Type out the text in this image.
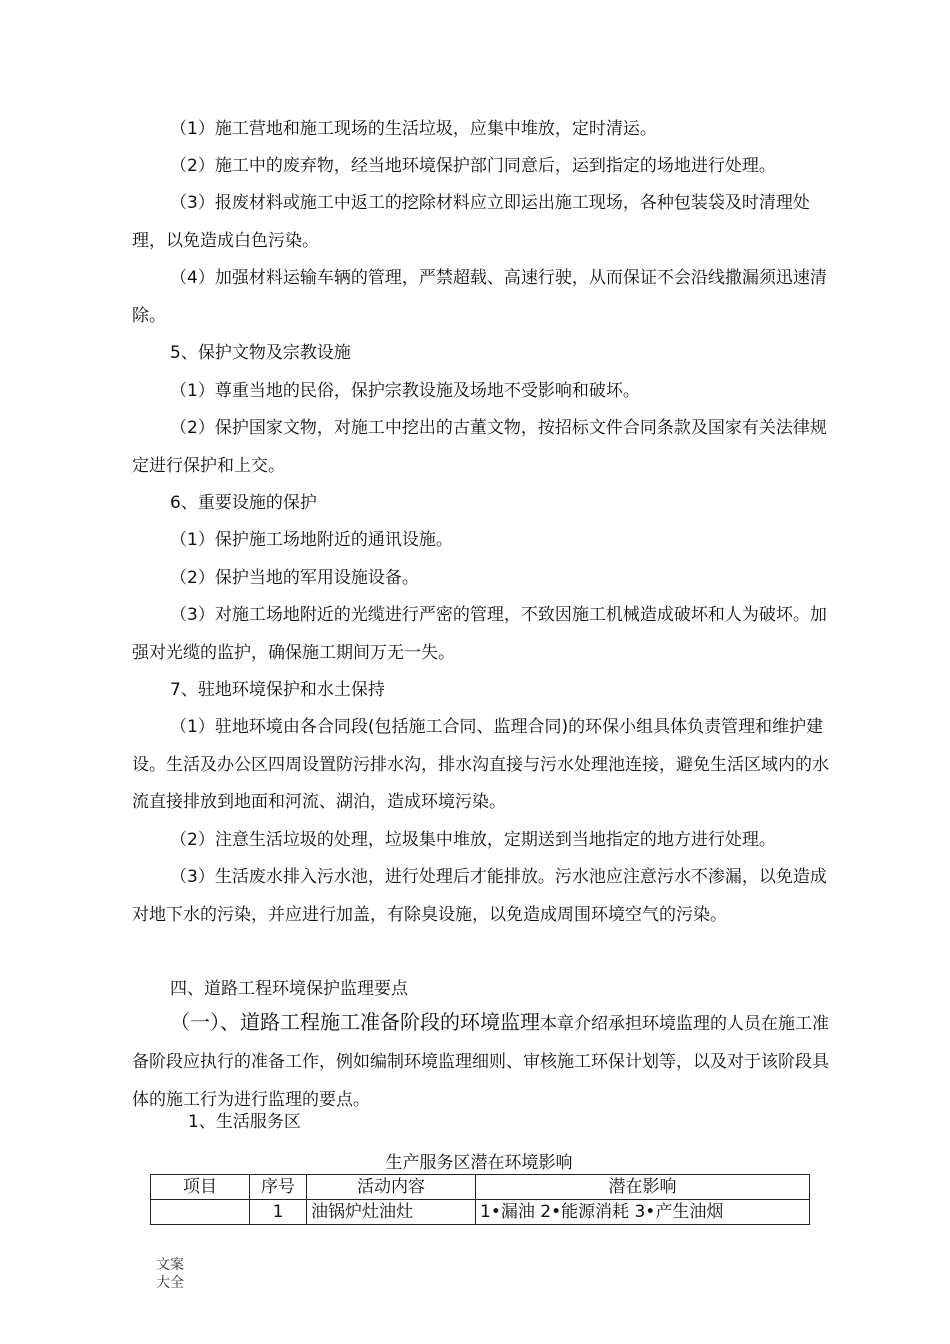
（1）施工营地和施工现场的生活垃圾，应集中堆放，定时清运。

（2）施工中的废弃物，经当地环境保护部门同意后，运到指定的场地进行处理。

（3）报废材料或施工中返工的挖除材料应立即运出施工现场，各种包装袋及时清理处理，以免造成白色污染。

（4）加强材料运输车辆的管理，严禁超载、高速行驶，从而保证不会沿线撒漏须迅速清除。

5、保护文物及宗教设施

（1）尊重当地的民俗，保护宗教设施及场地不受影响和破坏。

（2）保护国家文物，对施工中挖出的古董文物，按招标文件合同条款及国家有关法律规定进行保护和上交。

6、重要设施的保护

（1）保护施工场地附近的通讯设施。

（2）保护当地的军用设施设备。

（3）对施工场地附近的光缆进行严密的管理，不致因施工机械造成破坏和人为破坏。加强对光缆的监护，确保施工期间万无一失。

7、驻地环境保护和水土保持

（1）驻地环境由各合同段(包括施工合同、监理合同)的环保小组具体负责管理和维护建设。生活及办公区四周设置防污排水沟，排水沟直接与污水处理池连接，避免生活区域内的水流直接排放到地面和河流、湖泊，造成环境污染。

（2）注意生活垃圾的处理，垃圾集中堆放，定期送到当地指定的地方进行处理。

（3）生活废水排入污水池，进行处理后才能排放。污水池应注意污水不渗漏，以免造成对地下水的污染，并应进行加盖，有除臭设施，以免造成周围环境空气的污染。

四、道路工程环境保护监理要点

（一）、道路工程施工准备阶段的环境监理本章介绍承担环境监理的人员在施工准备阶段应执行的准备工作，例如编制环境监理细则、审核施工环保计划等，以及对于该阶段具体的施工行为进行监理的要点。

1、生活服务区

生产服务区潜在环境影响
项目	序号	活动内容	潜在影响
	1	油锅炉灶油灶	1•漏油 2•能源消耗 3•产生油烟
文案大全
